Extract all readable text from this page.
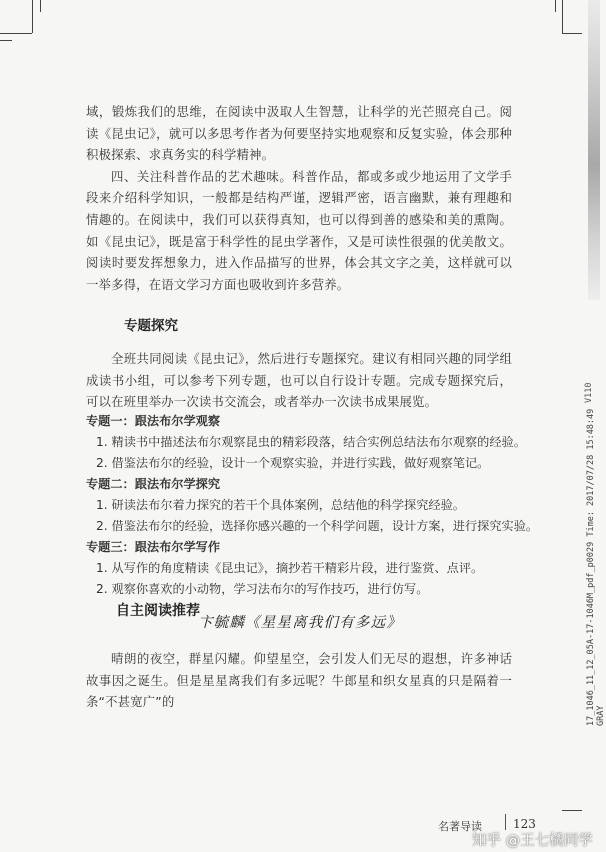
域，锻炼我们的思维，在阅读中汲取人生智慧，让科学的光芒照亮自己。阅读《昆虫记》，就可以多思考作者为何要坚持实地观察和反复实验，体会那种积极探索、求真务实的科学精神。

四、关注科普作品的艺术趣味。科普作品，都或多或少地运用了文学手段来介绍科学知识，一般都是结构严谨，逻辑严密，语言幽默，兼有理趣和情趣的。在阅读中，我们可以获得真知，也可以得到善的感染和美的熏陶。如《昆虫记》，既是富于科学性的昆虫学著作，又是可读性很强的优美散文。阅读时要发挥想象力，进入作品描写的世界，体会其文字之美，这样就可以一举多得，在语文学习方面也吸收到许多营养。

专题探究

全班共同阅读《昆虫记》，然后进行专题探究。建议有相同兴趣的同学组成读书小组，可以参考下列专题，也可以自行设计专题。完成专题探究后，可以在班里举办一次读书交流会，或者举办一次读书成果展览。

专题一：跟法布尔学观察
1. 精读书中描述法布尔观察昆虫的精彩段落，结合实例总结法布尔观察的经验。
2. 借鉴法布尔的经验，设计一个观察实验，并进行实践，做好观察笔记。
专题二：跟法布尔学探究
1. 研读法布尔着力探究的若干个具体案例，总结他的科学探究经验。
2. 借鉴法布尔的经验，选择你感兴趣的一个科学问题，设计方案，进行探究实验。
专题三：跟法布尔学写作
1. 从写作的角度精读《昆虫记》，摘抄若干精彩片段，进行鉴赏、点评。
2. 观察你喜欢的小动物，学习法布尔的写作技巧，进行仿写。
自主阅读推荐
卞毓麟《星星离我们有多远》

晴朗的夜空，群星闪耀。仰望星空，会引发人们无尽的遐想，许多神话故事因之诞生。但是星星离我们有多远呢？牛郎星和织女星真的只是隔着一条“不甚宽广”的

名著导读	123
V110
17_1046_11_12_05A-17-1046M_pdf_p0029 Time: 2017/07/28 15:48:49 GRAY
知乎 @王七橘同学
